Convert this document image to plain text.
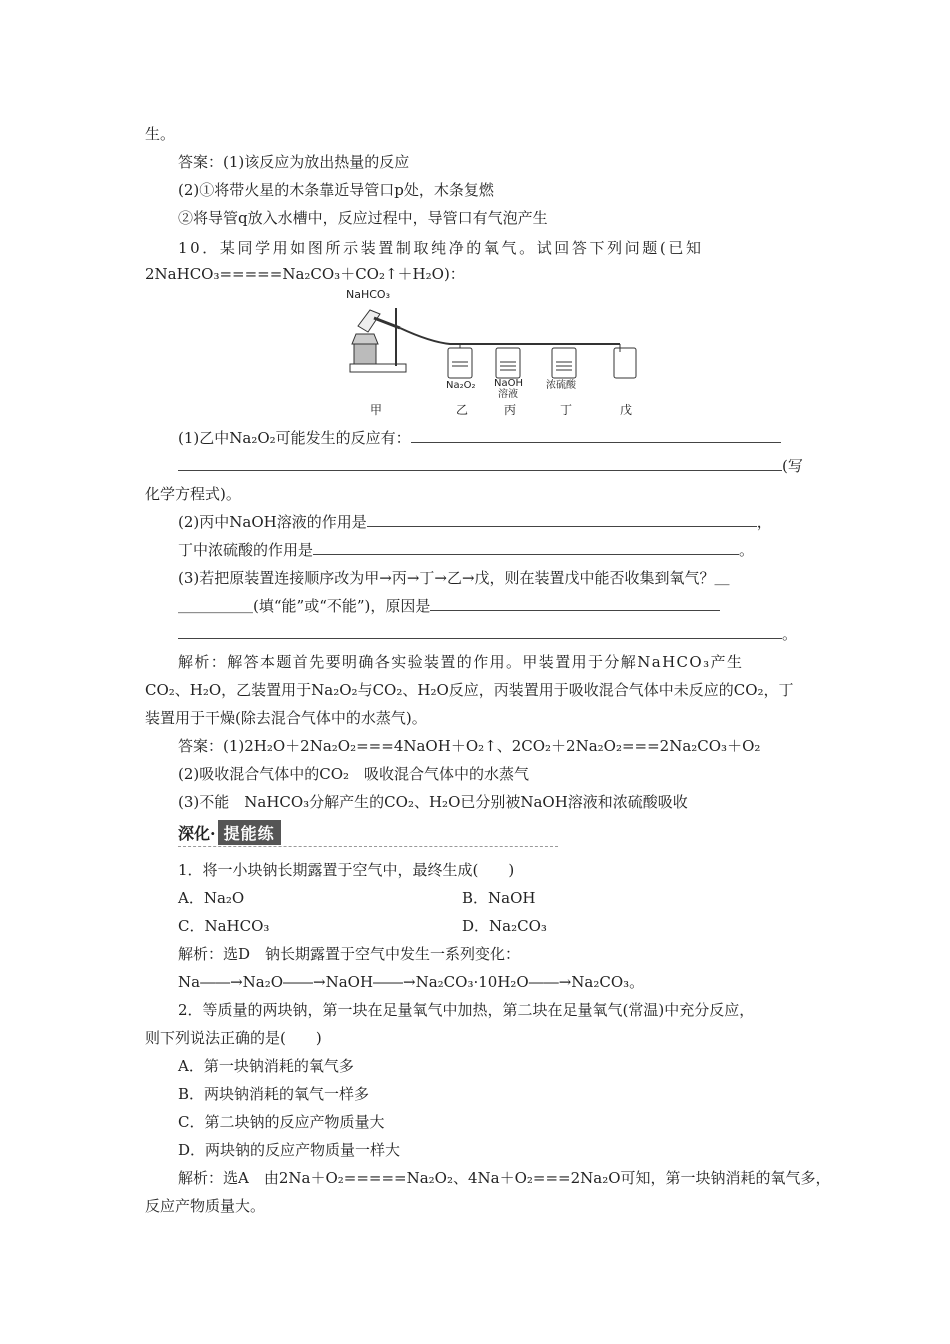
生。
答案：(1)该反应为放出热量的反应
(2)①将带火星的木条靠近导管口p处，木条复燃
②将导管q放入水槽中，反应过程中，导管口有气泡产生
10．某同学用如图所示装置制取纯净的氧气。试回答下列问题(已知
2NaHCO₃=====Na₂CO₃＋CO₂↑＋H₂O)：
NaHCO₃
Na₂O₂ NaOH
溶液
浓硫酸
甲	乙	丙	丁	戊
(1)乙中Na₂O₂可能发生的反应有：
(写
化学方程式)。
(2)丙中NaOH溶液的作用是	，
丁中浓硫酸的作用是	。
(3)若把原装置连接顺序改为甲→丙→丁→乙→戊，则在装置戊中能否收集到氧气？＿
＿＿＿＿＿(填“能”或“不能”)，原因是
。
解析：解答本题首先要明确各实验装置的作用。甲装置用于分解NaHCO₃产生
CO₂、H₂O，乙装置用于Na₂O₂与CO₂、H₂O反应，丙装置用于吸收混合气体中未反应的CO₂，丁
装置用于干燥(除去混合气体中的水蒸气)。
答案：(1)2H₂O＋2Na₂O₂===4NaOH＋O₂↑、2CO₂＋2Na₂O₂===2Na₂CO₃＋O₂
(2)吸收混合气体中的CO₂　吸收混合气体中的水蒸气
(3)不能　NaHCO₃分解产生的CO₂、H₂O已分别被NaOH溶液和浓硫酸吸收
深化· 提能练
1．将一小块钠长期露置于空气中，最终生成(　　)
A．Na₂O	B．NaOH
C．NaHCO₃	D．Na₂CO₃
解析：选D　钠长期露置于空气中发生一系列变化：
Na――→Na₂O――→NaOH――→Na₂CO₃·10H₂O――→Na₂CO₃。
2．等质量的两块钠，第一块在足量氧气中加热，第二块在足量氧气(常温)中充分反应，
则下列说法正确的是(　　)
A．第一块钠消耗的氧气多
B．两块钠消耗的氧气一样多
C．第二块钠的反应产物质量大
D．两块钠的反应产物质量一样大
解析：选A　由2Na＋O₂=====Na₂O₂、4Na＋O₂===2Na₂O可知，第一块钠消耗的氧气多，
反应产物质量大。
